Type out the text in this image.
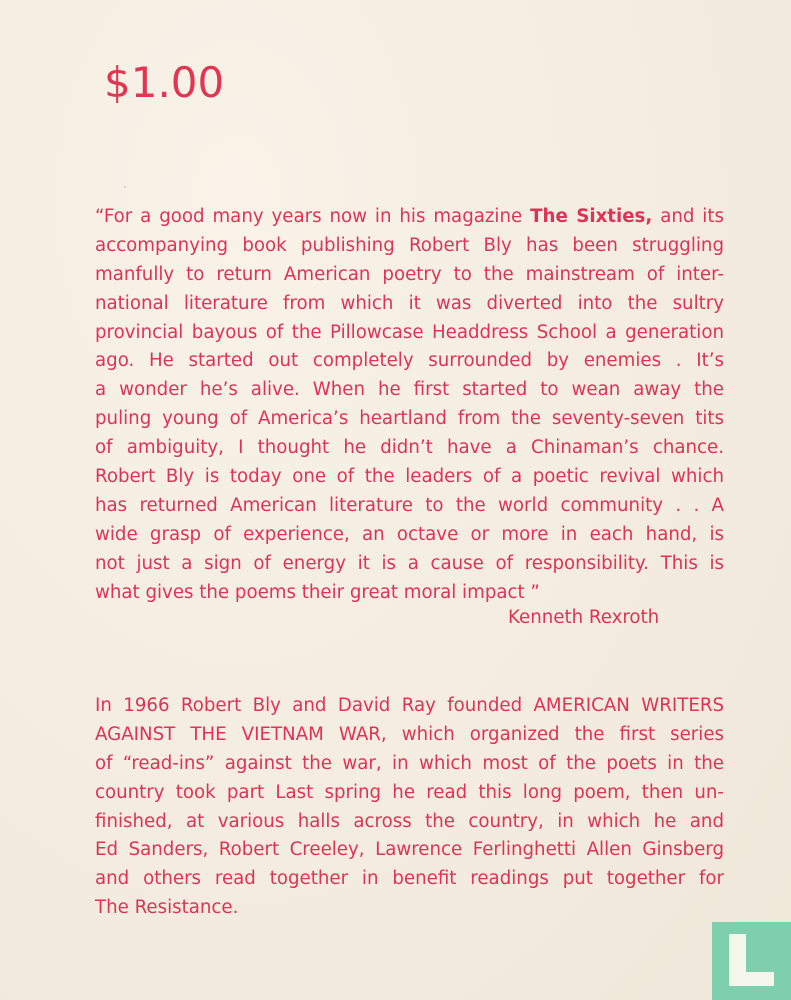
$1.00
“For a good many years now in his magazine The Sixties, and its
accompanying book publishing Robert Bly has been struggling
manfully to return American poetry to the mainstream of inter-
national literature from which it was diverted into the sultry
provincial bayous of the Pillowcase Headdress School a generation
ago. He started out completely surrounded by enemies . It’s
a wonder he’s alive. When he first started to wean away the
puling young of America’s heartland from the seventy-seven tits
of ambiguity, I thought he didn’t have a Chinaman’s chance.
Robert Bly is today one of the leaders of a poetic revival which
has returned American literature to the world community . . A
wide grasp of experience, an octave or more in each hand, is
not just a sign of energy it is a cause of responsibility. This is
what gives the poems their great moral impact ”
Kenneth Rexroth
In 1966 Robert Bly and David Ray founded AMERICAN WRITERS
AGAINST THE VIETNAM WAR, which organized the first series
of “read-ins” against the war, in which most of the poets in the
country took part Last spring he read this long poem, then un-
finished, at various halls across the country, in which he and
Ed Sanders, Robert Creeley, Lawrence Ferlinghetti Allen Ginsberg
and others read together in benefit readings put together for
The Resistance.
